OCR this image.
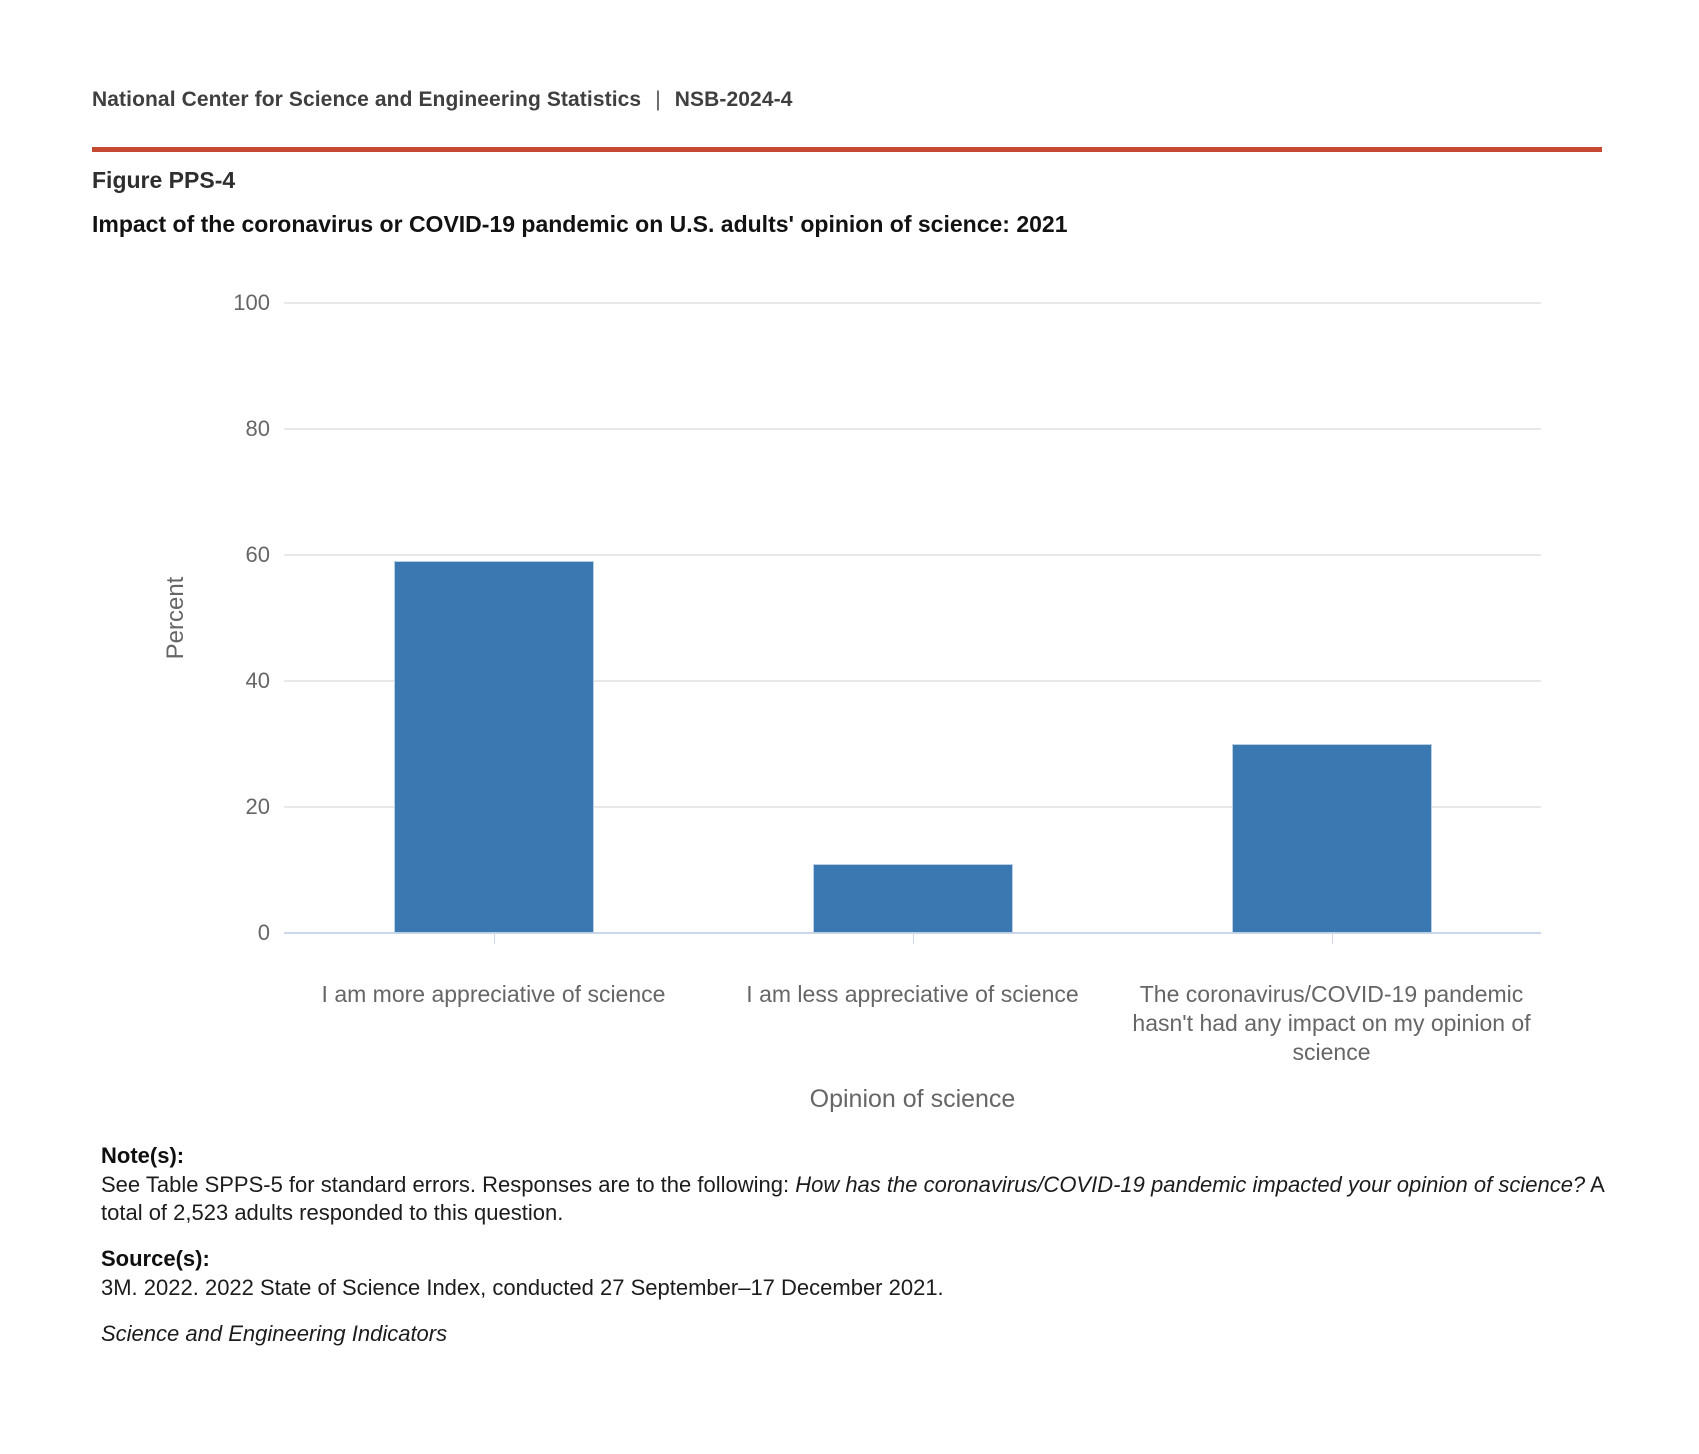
National Center for Science and Engineering Statistics | NSB-2024-4
Figure PPS-4
Impact of the coronavirus or COVID-19 pandemic on U.S. adults' opinion of science: 2021
0
20
40
60
80
100
I am more appreciative of science	I am less appreciative of science	The coronavirus/COVID-19 pandemic hasn't had any impact on my opinion of science
Percent
Opinion of science
Note(s):
See Table SPPS-5 for standard errors. Responses are to the following: How has the coronavirus/COVID-19 pandemic impacted your opinion of science? A total of 2,523 adults responded to this question.
Source(s):
3M. 2022. 2022 State of Science Index, conducted 27 September–17 December 2021.
Science and Engineering Indicators
